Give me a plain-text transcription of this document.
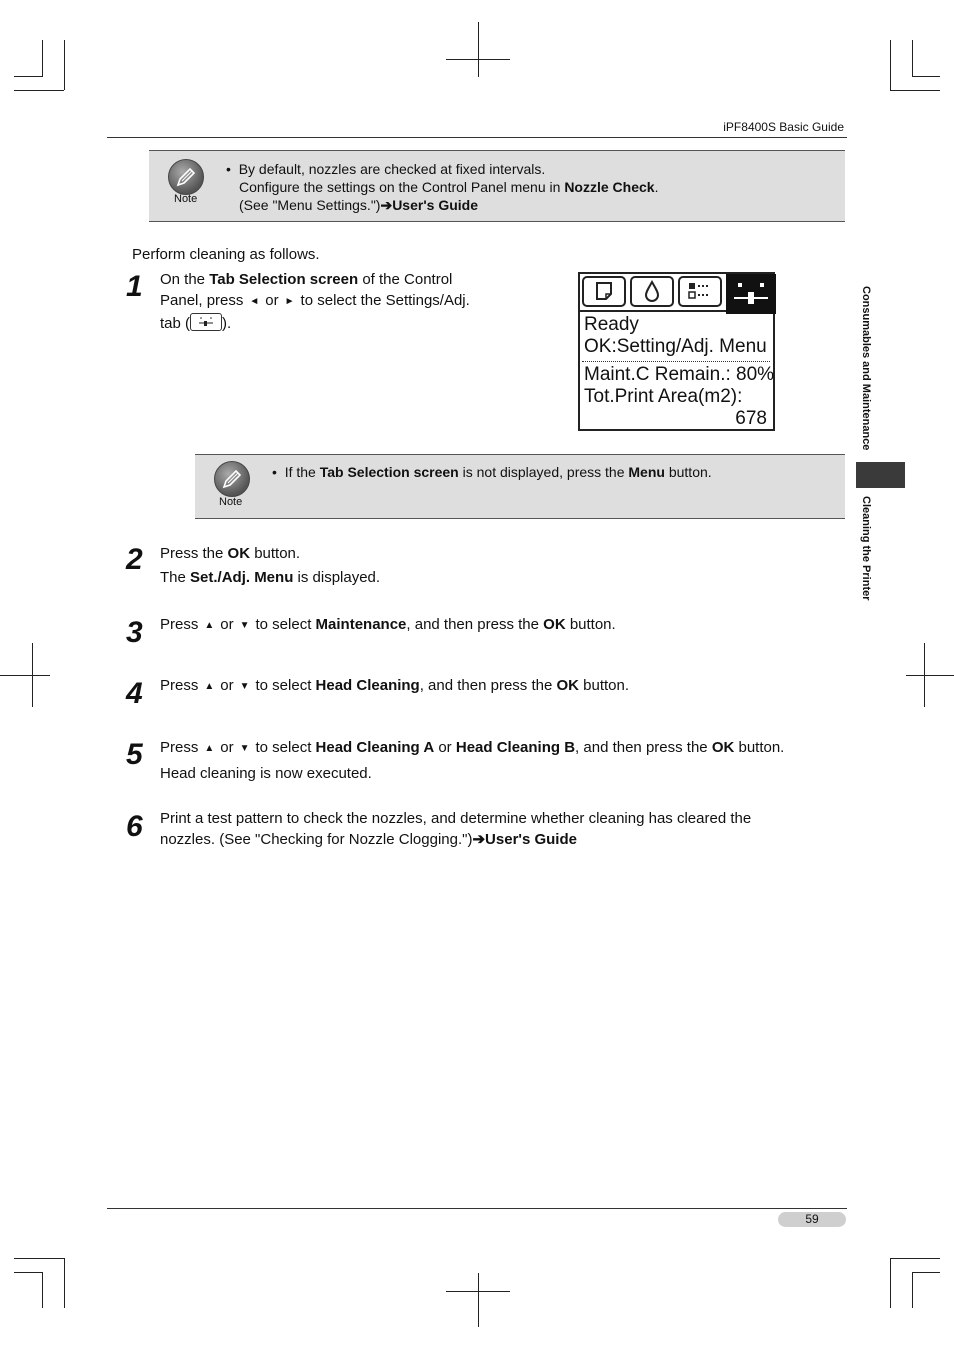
iPF8400S Basic Guide
Note
• By default, nozzles are checked at fixed intervals.
Configure the settings on the Control Panel menu in Nozzle Check.
(See "Menu Settings.")➔User's Guide
Perform cleaning as follows.
1 On the Tab Selection screen of the Control
Panel, press ◄ or ► to select the Settings/Adj.
tab ( ).	Ready
OK:Setting/Adj. Menu
Maint.C Remain.: 80%
Tot.Print Area(m2):
678
Note
• If the Tab Selection screen is not displayed, press the Menu button.
2 Press the OK button.
The Set./Adj. Menu is displayed.
3 Press ▲ or ▼ to select Maintenance, and then press the OK button.
4 Press ▲ or ▼ to select Head Cleaning, and then press the OK button.
5 Press ▲ or ▼ to select Head Cleaning A or Head Cleaning B, and then press the OK button.
Head cleaning is now executed.
6 Print a test pattern to check the nozzles, and determine whether cleaning has cleared the
nozzles. (See "Checking for Nozzle Clogging.")➔User's Guide
Consumables and Maintenance
Cleaning the Printer
59
